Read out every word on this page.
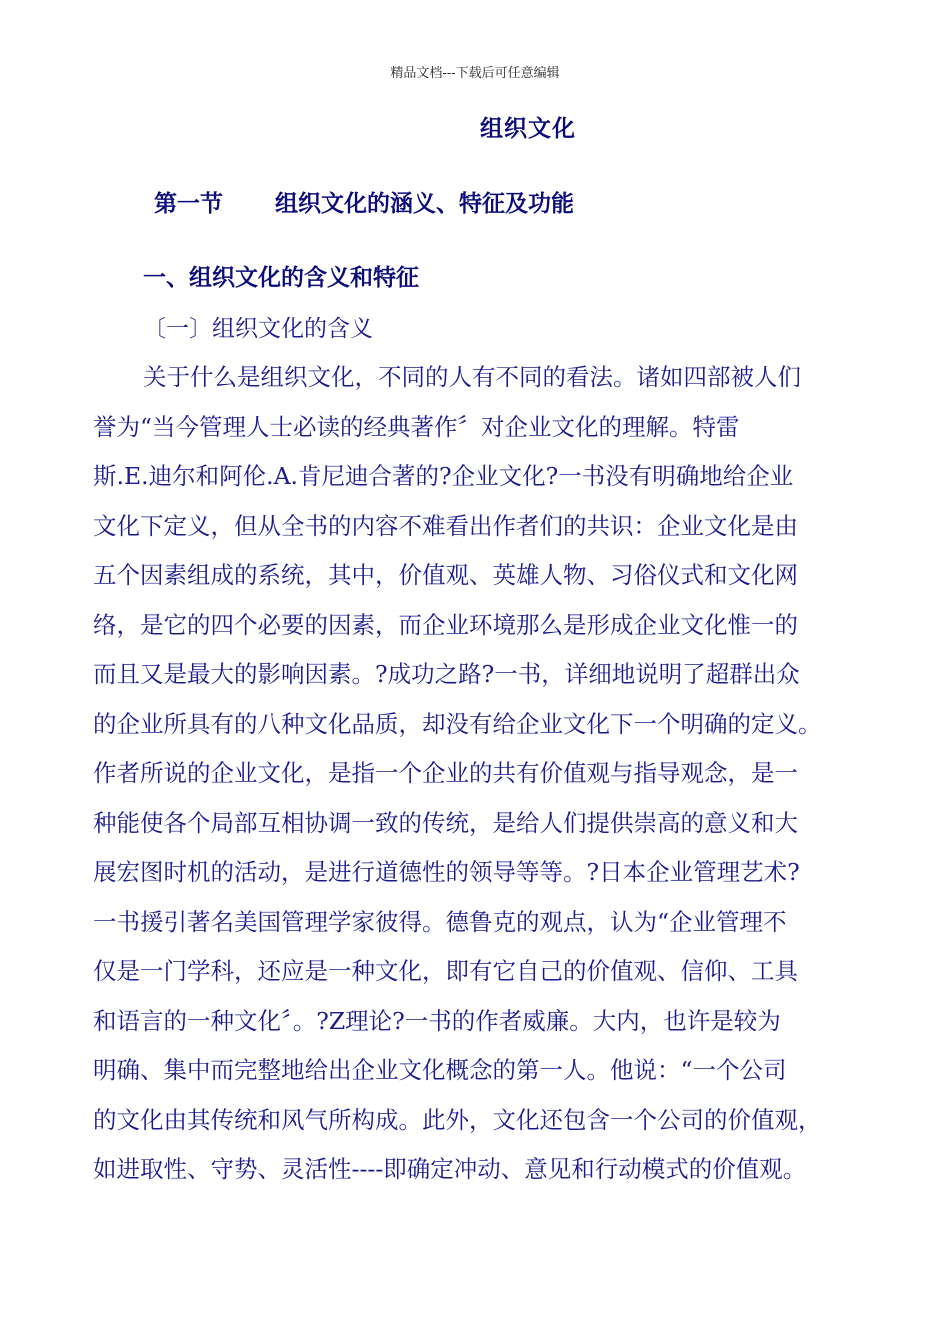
精品文档---下载后可任意编辑
组织文化
第一节 组织文化的涵义、特征及功能
一、组织文化的含义和特征
〔一〕组织文化的含义
关于什么是组织文化，不同的人有不同的看法。诸如四部被人们
誉为“当今管理人士必读的经典著作〞对企业文化的理解。特雷
斯.E.迪尔和阿伦.A.肯尼迪合著的?企业文化?一书没有明确地给企业
文化下定义，但从全书的内容不难看出作者们的共识：企业文化是由
五个因素组成的系统，其中，价值观、英雄人物、习俗仪式和文化网
络，是它的四个必要的因素，而企业环境那么是形成企业文化惟一的
而且又是最大的影响因素。?成功之路?一书，详细地说明了超群出众
的企业所具有的八种文化品质，却没有给企业文化下一个明确的定义。
作者所说的企业文化，是指一个企业的共有价值观与指导观念，是一
种能使各个局部互相协调一致的传统，是给人们提供崇高的意义和大
展宏图时机的活动，是进行道德性的领导等等。?日本企业管理艺术?
一书援引著名美国管理学家彼得。德鲁克的观点，认为“企业管理不
仅是一门学科，还应是一种文化，即有它自己的价值观、信仰、工具
和语言的一种文化〞。?Z理论?一书的作者威廉。大内，也许是较为
明确、集中而完整地给出企业文化概念的第一人。他说：“一个公司
的文化由其传统和风气所构成。此外，文化还包含一个公司的价值观，
如进取性、守势、灵活性----即确定冲动、意见和行动模式的价值观。
